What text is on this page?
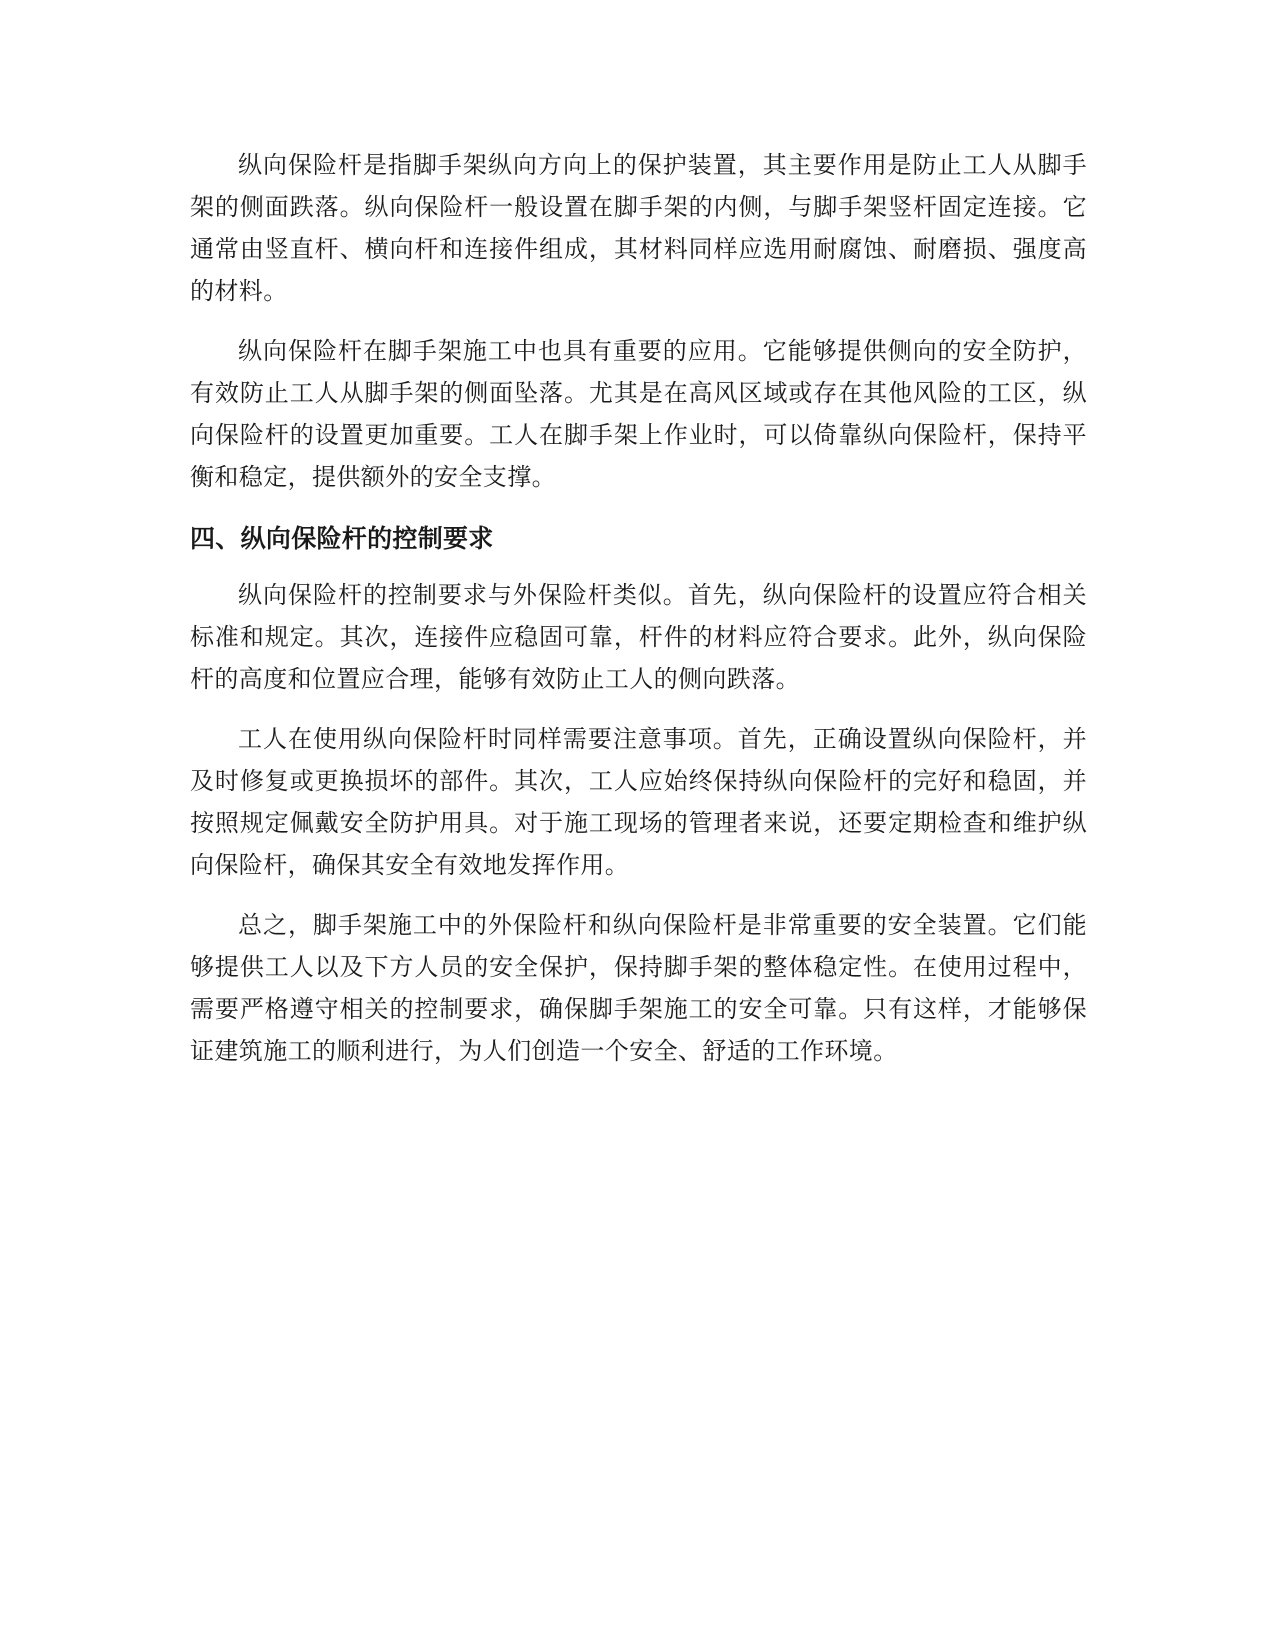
纵向保险杆是指脚手架纵向方向上的保护装置，其主要作用是防止工人从脚手架的侧面跌落。纵向保险杆一般设置在脚手架的内侧，与脚手架竖杆固定连接。它通常由竖直杆、横向杆和连接件组成，其材料同样应选用耐腐蚀、耐磨损、强度高的材料。

纵向保险杆在脚手架施工中也具有重要的应用。它能够提供侧向的安全防护，有效防止工人从脚手架的侧面坠落。尤其是在高风区域或存在其他风险的工区，纵向保险杆的设置更加重要。工人在脚手架上作业时，可以倚靠纵向保险杆，保持平衡和稳定，提供额外的安全支撑。

四、纵向保险杆的控制要求

纵向保险杆的控制要求与外保险杆类似。首先，纵向保险杆的设置应符合相关标准和规定。其次，连接件应稳固可靠，杆件的材料应符合要求。此外，纵向保险杆的高度和位置应合理，能够有效防止工人的侧向跌落。

工人在使用纵向保险杆时同样需要注意事项。首先，正确设置纵向保险杆，并及时修复或更换损坏的部件。其次，工人应始终保持纵向保险杆的完好和稳固，并按照规定佩戴安全防护用具。对于施工现场的管理者来说，还要定期检查和维护纵向保险杆，确保其安全有效地发挥作用。

总之，脚手架施工中的外保险杆和纵向保险杆是非常重要的安全装置。它们能够提供工人以及下方人员的安全保护，保持脚手架的整体稳定性。在使用过程中，需要严格遵守相关的控制要求，确保脚手架施工的安全可靠。只有这样，才能够保证建筑施工的顺利进行，为人们创造一个安全、舒适的工作环境。
